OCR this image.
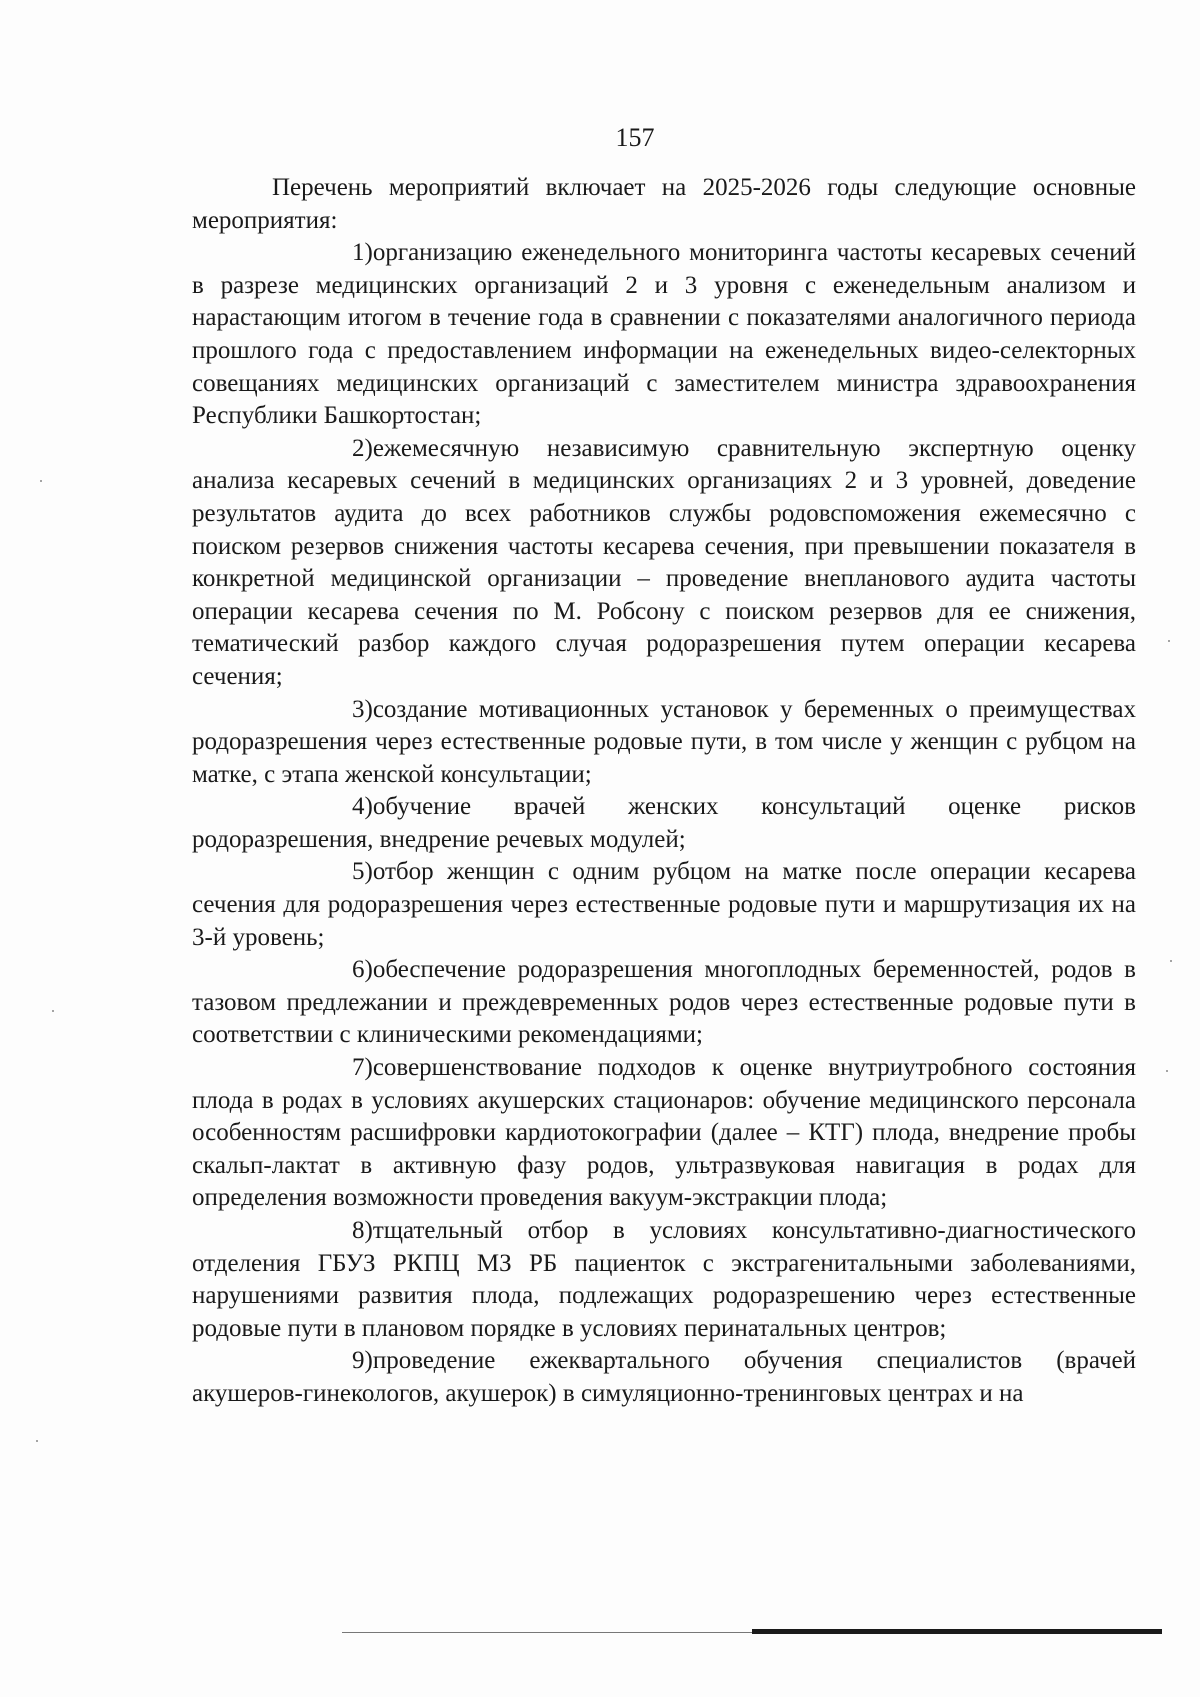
157

Перечень мероприятий включает на 2025-2026 годы следующие основные мероприятия:

1)организацию еженедельного мониторинга частоты кесаревых сечений в разрезе медицинских организаций 2 и 3 уровня с еженедельным анализом и нарастающим итогом в течение года в сравнении с показателями аналогичного периода прошлого года с предоставлением информации на еженедельных видео-селекторных совещаниях медицинских организаций с заместителем министра здравоохранения Республики Башкортостан;

2)ежемесячную независимую сравнительную экспертную оценку анализа кесаревых сечений в медицинских организациях 2 и 3 уровней, доведение результатов аудита до всех работников службы родовспоможения ежемесячно с поиском резервов снижения частоты кесарева сечения, при превышении показателя в конкретной медицинской организации – проведение внепланового аудита частоты операции кесарева сечения по М. Робсону с поиском резервов для ее снижения, тематический разбор каждого случая родоразрешения путем операции кесарева сечения;

3)создание мотивационных установок у беременных о преимуществах родоразрешения через естественные родовые пути, в том числе у женщин с рубцом на матке, с этапа женской консультации;

4)обучение врачей женских консультаций оценке рисков родоразрешения, внедрение речевых модулей;

5)отбор женщин с одним рубцом на матке после операции кесарева сечения для родоразрешения через естественные родовые пути и маршрутизация их на 3-й уровень;

6)обеспечение родоразрешения многоплодных беременностей, родов в тазовом предлежании и преждевременных родов через естественные родовые пути в соответствии с клиническими рекомендациями;

7)совершенствование подходов к оценке внутриутробного состояния плода в родах в условиях акушерских стационаров: обучение медицинского персонала особенностям расшифровки кардиотокографии (далее – КТГ) плода, внедрение пробы скальп-лактат в активную фазу родов, ультразвуковая навигация в родах для определения возможности проведения вакуум-экстракции плода;

8)тщательный отбор в условиях консультативно-диагностического отделения ГБУЗ РКПЦ МЗ РБ пациенток с экстрагенитальными заболеваниями, нарушениями развития плода, подлежащих родоразрешению через естественные родовые пути в плановом порядке в условиях перинатальных центров;

9)проведение ежеквартального обучения специалистов (врачей акушеров-гинекологов, акушерок) в симуляционно-тренинговых центрах и на
